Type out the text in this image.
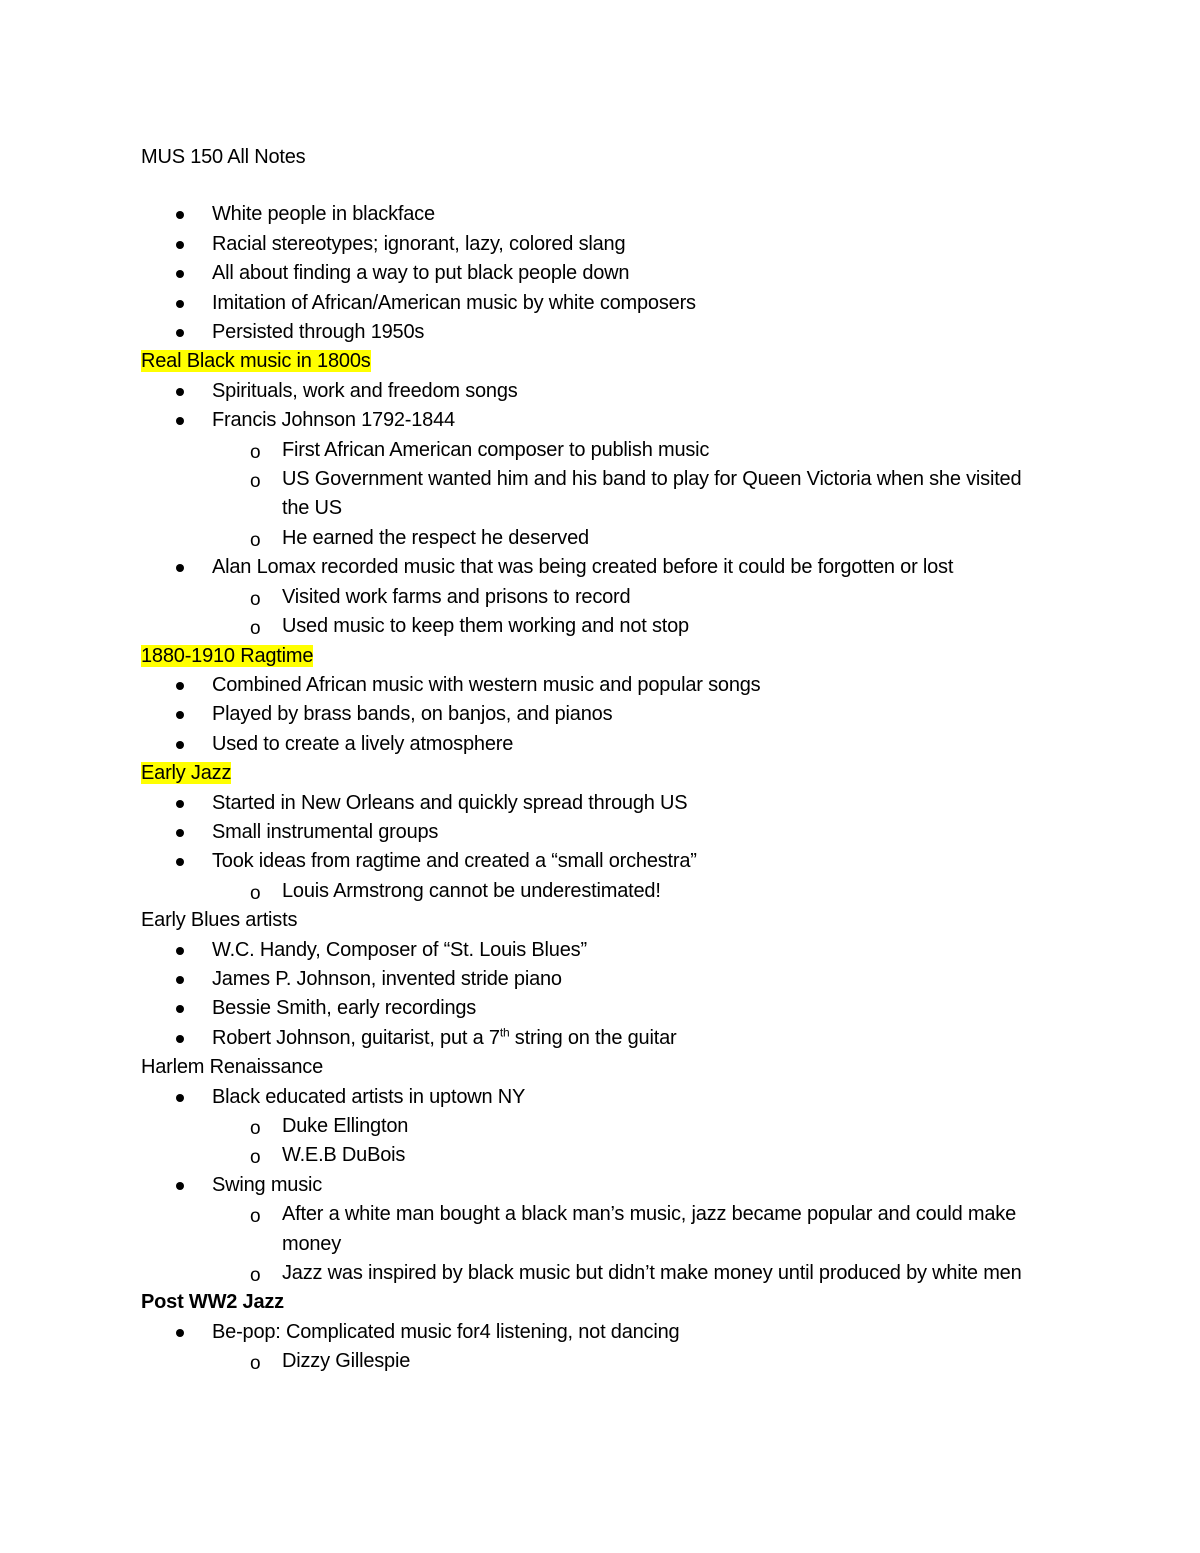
MUS 150 All Notes
White people in blackface
Racial stereotypes; ignorant, lazy, colored slang
All about finding a way to put black people down
Imitation of African/American music by white composers
Persisted through 1950s
Real Black music in 1800s
Spirituals, work and freedom songs
Francis Johnson 1792-1844
o First African American composer to publish music
o US Government wanted him and his band to play for Queen Victoria when she visited the US
o He earned the respect he deserved
Alan Lomax recorded music that was being created before it could be forgotten or lost
o Visited work farms and prisons to record
o Used music to keep them working and not stop
1880-1910 Ragtime
Combined African music with western music and popular songs
Played by brass bands, on banjos, and pianos
Used to create a lively atmosphere
Early Jazz
Started in New Orleans and quickly spread through US
Small instrumental groups
Took ideas from ragtime and created a “small orchestra”
o Louis Armstrong cannot be underestimated!
Early Blues artists
W.C. Handy, Composer of “St. Louis Blues”
James P. Johnson, invented stride piano
Bessie Smith, early recordings
Robert Johnson, guitarist, put a 7th string on the guitar
Harlem Renaissance
Black educated artists in uptown NY
o Duke Ellington
o W.E.B DuBois
Swing music
o After a white man bought a black man’s music, jazz became popular and could make money
o Jazz was inspired by black music but didn’t make money until produced by white men
Post WW2 Jazz
Be-pop: Complicated music for4 listening, not dancing
o Dizzy Gillespie
